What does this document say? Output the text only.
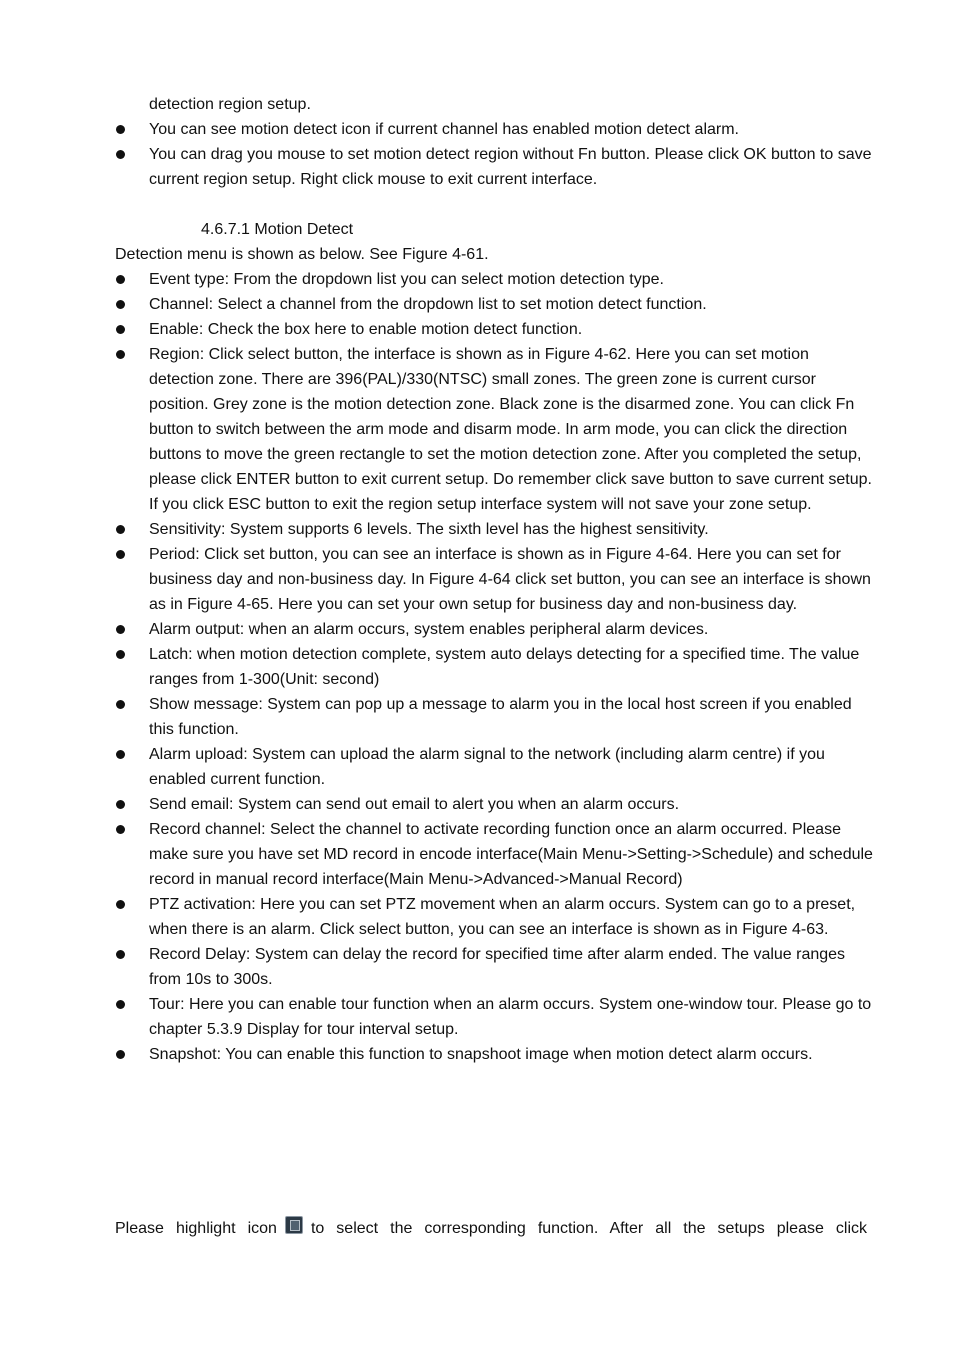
detection region setup.
You can see motion detect icon if current channel has enabled motion detect alarm.
You can drag you mouse to set motion detect region without Fn button. Please click OK button to save current region setup. Right click mouse to exit current interface.
4.6.7.1 Motion Detect
Detection menu is shown as below. See Figure 4-61.
Event type: From the dropdown list you can select motion detection type.
Channel: Select a channel from the dropdown list to set motion detect function.
Enable: Check the box here to enable motion detect function.
Region: Click select button, the interface is shown as in Figure 4-62. Here you can set motion detection zone. There are 396(PAL)/330(NTSC) small zones. The green zone is current cursor position. Grey zone is the motion detection zone. Black zone is the disarmed zone. You can click Fn button to switch between the arm mode and disarm mode. In arm mode, you can click the direction buttons to move the green rectangle to set the motion detection zone. After you completed the setup, please click ENTER button to exit current setup. Do remember click save button to save current setup. If you click ESC button to exit the region setup interface system will not save your zone setup.
Sensitivity: System supports 6 levels. The sixth level has the highest sensitivity.
Period: Click set button, you can see an interface is shown as in Figure 4-64. Here you can set for business day and non-business day. In Figure 4-64 click set button, you can see an interface is shown as in Figure 4-65. Here you can set your own setup for business day and non-business day.
Alarm output: when an alarm occurs, system enables peripheral alarm devices.
Latch: when motion detection complete, system auto delays detecting for a specified time. The value ranges from 1-300(Unit: second)
Show message: System can pop up a message to alarm you in the local host screen if you enabled this function.
Alarm upload: System can upload the alarm signal to the network (including alarm centre) if you enabled current function.
Send email: System can send out email to alert you when an alarm occurs.
Record channel: Select the channel to activate recording function once an alarm occurred. Please make sure you have set MD record in encode interface(Main Menu->Setting->Schedule) and schedule record in manual record interface(Main Menu->Advanced->Manual Record)
PTZ activation: Here you can set PTZ movement when an alarm occurs. System can go to a preset, when there is an alarm. Click select button, you can see an interface is shown as in Figure 4-63.
Record Delay: System can delay the record for specified time after alarm ended. The value ranges from 10s to 300s.
Tour: Here you can enable tour function when an alarm occurs. System one-window tour. Please go to chapter 5.3.9 Display for tour interval setup.
Snapshot: You can enable this function to snapshoot image when motion detect alarm occurs.
Please highlight icon to select the corresponding function. After all the setups please click
